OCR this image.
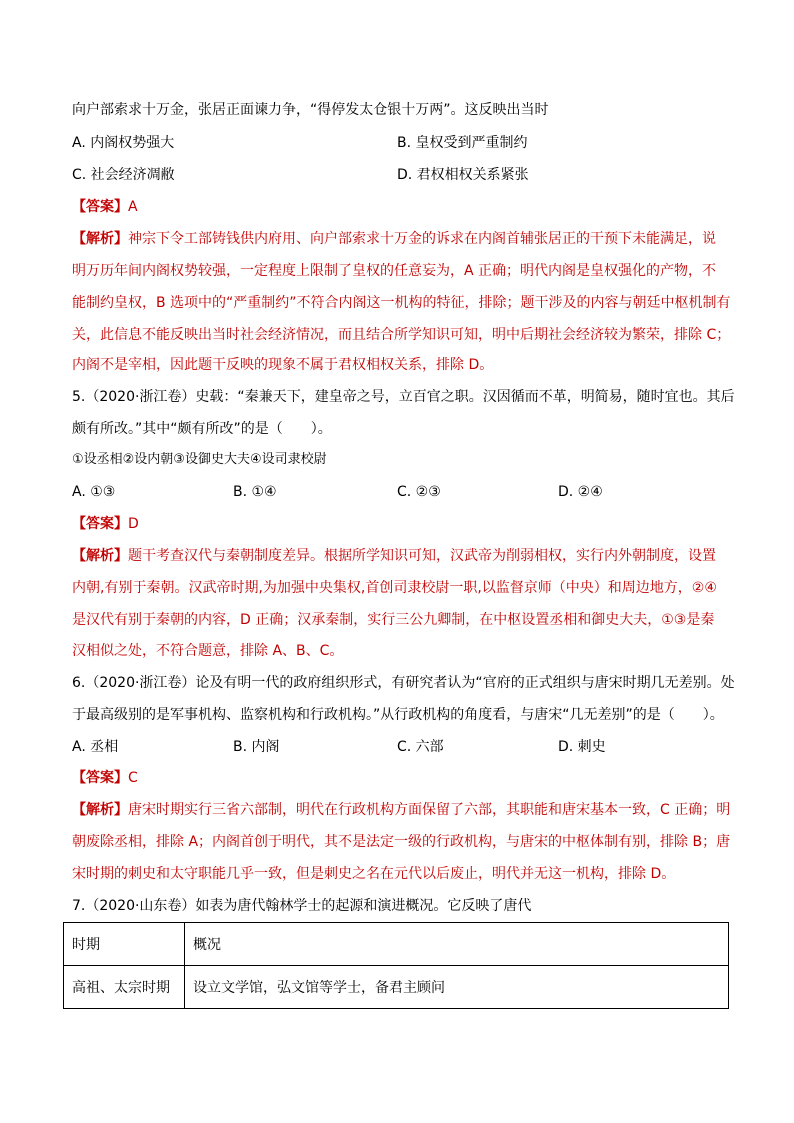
向户部索求十万金，张居正面谏力争，“得停发太仓银十万两”。这反映出当时
A. 内阁权势强大	B. 皇权受到严重制约
C. 社会经济凋敝	D. 君权相权关系紧张
【答案】A
【解析】神宗下令工部铸钱供内府用、向户部索求十万金的诉求在内阁首辅张居正的干预下未能满足，说
明万历年间内阁权势较强，一定程度上限制了皇权的任意妄为，A 正确；明代内阁是皇权强化的产物，不
能制约皇权，B 选项中的“严重制约”不符合内阁这一机构的特征，排除；题干涉及的内容与朝廷中枢机制有
关，此信息不能反映出当时社会经济情况，而且结合所学知识可知，明中后期社会经济较为繁荣，排除 C；
内阁不是宰相，因此题干反映的现象不属于君权相权关系，排除 D。
5.（2020·浙江卷）史载：“秦兼天下，建皇帝之号，立百官之职。汉因循而不革，明简易，随时宜也。其后
颇有所改。”其中“颇有所改”的是（　　）。
①设丞相②设内朝③设御史大夫④设司隶校尉
A. ①③	B. ①④	C. ②③	D. ②④
【答案】D
【解析】题干考查汉代与秦朝制度差异。根据所学知识可知，汉武帝为削弱相权，实行内外朝制度，设置
内朝,有别于秦朝。汉武帝时期,为加强中央集权,首创司隶校尉一职,以监督京师（中央）和周边地方，②④
是汉代有别于秦朝的内容，D 正确；汉承秦制，实行三公九卿制，在中枢设置丞相和御史大夫，①③是秦
汉相似之处，不符合题意，排除 A、B、C。
6.（2020·浙江卷）论及有明一代的政府组织形式，有研究者认为“官府的正式组织与唐宋时期几无差别。处
于最高级别的是军事机构、监察机构和行政机构。”从行政机构的角度看，与唐宋“几无差别”的是（　　）。
A. 丞相	B. 内阁	C. 六部	D. 刺史
【答案】C
【解析】唐宋时期实行三省六部制，明代在行政机构方面保留了六部，其职能和唐宋基本一致，C 正确；明
朝废除丞相，排除 A；内阁首创于明代，其不是法定一级的行政机构，与唐宋的中枢体制有别，排除 B；唐
宋时期的刺史和太守职能几乎一致，但是刺史之名在元代以后废止，明代并无这一机构，排除 D。
7.（2020·山东卷）如表为唐代翰林学士的起源和演进概况。它反映了唐代
时期	概况
高祖、太宗时期	设立文学馆，弘文馆等学士，备君主顾问
